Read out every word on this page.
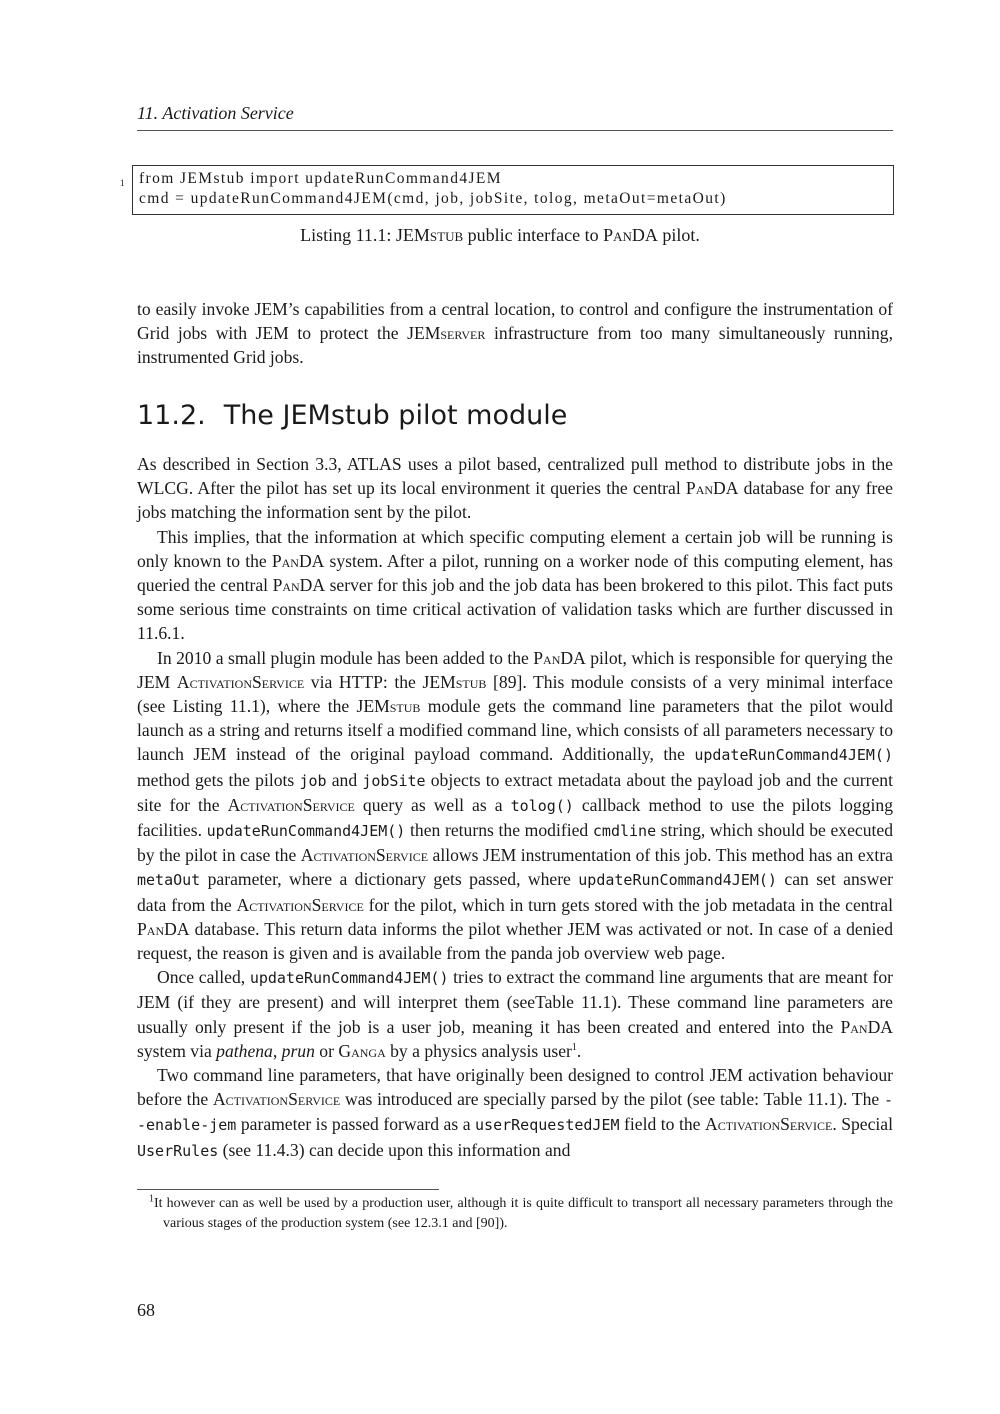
11. Activation Service
1 from JEMstub import updateRunCommand4JEM
cmd = updateRunCommand4JEM(cmd, job, jobSite, tolog, metaOut=metaOut)
Listing 11.1: JEMstub public interface to PanDA pilot.

to easily invoke JEM’s capabilities from a central location, to control and configure the instrumentation of Grid jobs with JEM to protect the JEMserver infrastructure from too many simultaneously running, instrumented Grid jobs.

11.2. The JEMstub pilot module

As described in Section 3.3, ATLAS uses a pilot based, centralized pull method to distribute jobs in the WLCG. After the pilot has set up its local environment it queries the central PanDA database for any free jobs matching the information sent by the pilot.

This implies, that the information at which specific computing element a certain job will be running is only known to the PanDA system. After a pilot, running on a worker node of this computing element, has queried the central PanDA server for this job and the job data has been brokered to this pilot. This fact puts some serious time constraints on time critical activation of validation tasks which are further discussed in 11.6.1.

In 2010 a small plugin module has been added to the PanDA pilot, which is responsible for querying the JEM ActivationService via HTTP: the JEMstub [89]. This module consists of a very minimal interface (see Listing 11.1), where the JEMstub module gets the command line parameters that the pilot would launch as a string and returns itself a modified command line, which consists of all parameters necessary to launch JEM instead of the original payload command. Additionally, the updateRunCommand4JEM() method gets the pilots job and jobSite objects to extract metadata about the payload job and the current site for the ActivationService query as well as a tolog() callback method to use the pilots logging facilities. updateRunCommand4JEM() then returns the modified cmdline string, which should be executed by the pilot in case the ActivationService allows JEM instrumentation of this job. This method has an extra metaOut parameter, where a dictionary gets passed, where updateRunCommand4JEM() can set answer data from the ActivationService for the pilot, which in turn gets stored with the job metadata in the central PanDA database. This return data informs the pilot whether JEM was activated or not. In case of a denied request, the reason is given and is available from the panda job overview web page.

Once called, updateRunCommand4JEM() tries to extract the command line arguments that are meant for JEM (if they are present) and will interpret them (seeTable 11.1). These command line parameters are usually only present if the job is a user job, meaning it has been created and entered into the PanDA system via pathena, prun or Ganga by a physics analysis user$^1$.

Two command line parameters, that have originally been designed to control JEM activation behaviour before the ActivationService was introduced are specially parsed by the pilot (see table: Table 11.1). The --enable-jem parameter is passed forward as a userRequestedJEM field to the ActivationService. Special UserRules (see 11.4.3) can decide upon this information and

$^1$It however can as well be used by a production user, although it is quite difficult to transport all necessary parameters through the various stages of the production system (see 12.3.1 and [90]).
68
